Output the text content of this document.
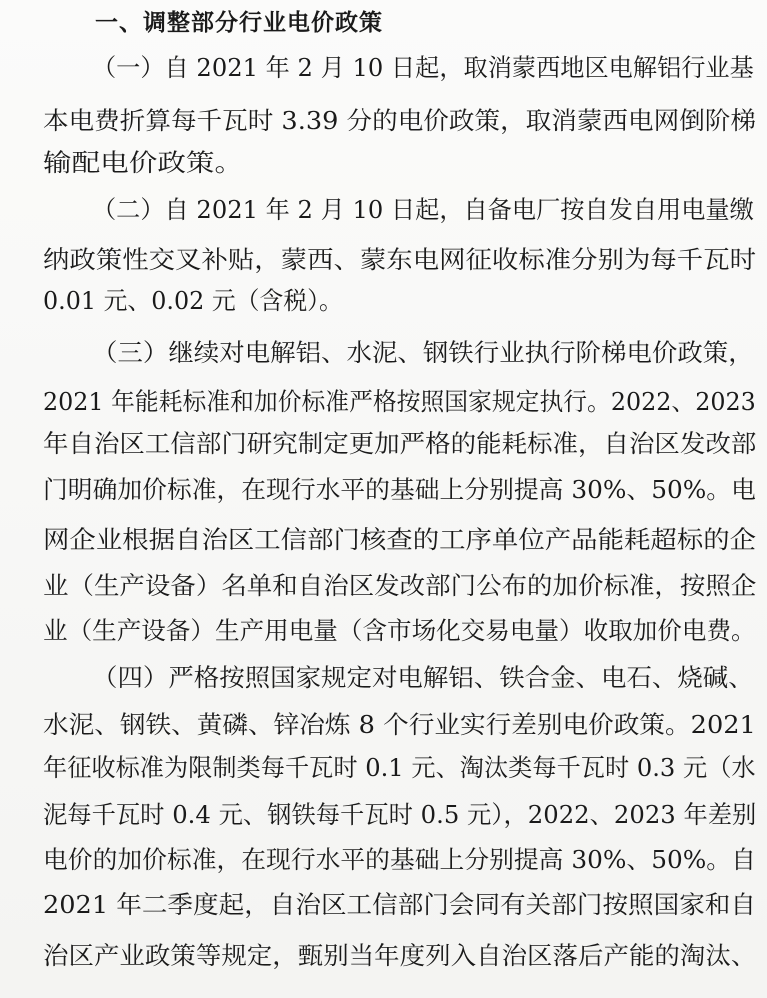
一、调整部分行业电价政策
（一）自 2021 年 2 月 10 日起，取消蒙西地区电解铝行业基
本电费折算每千瓦时 3.39 分的电价政策，取消蒙西电网倒阶梯
输配电价政策。
（二）自 2021 年 2 月 10 日起，自备电厂按自发自用电量缴
纳政策性交叉补贴，蒙西、蒙东电网征收标准分别为每千瓦时
0.01 元、0.02 元（含税）。
（三）继续对电解铝、水泥、钢铁行业执行阶梯电价政策，
2021 年能耗标准和加价标准严格按照国家规定执行。2022、2023
年自治区工信部门研究制定更加严格的能耗标准，自治区发改部
门明确加价标准，在现行水平的基础上分别提高 30%、50%。电
网企业根据自治区工信部门核查的工序单位产品能耗超标的企
业（生产设备）名单和自治区发改部门公布的加价标准，按照企
业（生产设备）生产用电量（含市场化交易电量）收取加价电费。
（四）严格按照国家规定对电解铝、铁合金、电石、烧碱、
水泥、钢铁、黄磷、锌冶炼 8 个行业实行差别电价政策。2021
年征收标准为限制类每千瓦时 0.1 元、淘汰类每千瓦时 0.3 元（水
泥每千瓦时 0.4 元、钢铁每千瓦时 0.5 元），2022、2023 年差别
电价的加价标准，在现行水平的基础上分别提高 30%、50%。自
2021 年二季度起，自治区工信部门会同有关部门按照国家和自
治区产业政策等规定，甄别当年度列入自治区落后产能的淘汰、
